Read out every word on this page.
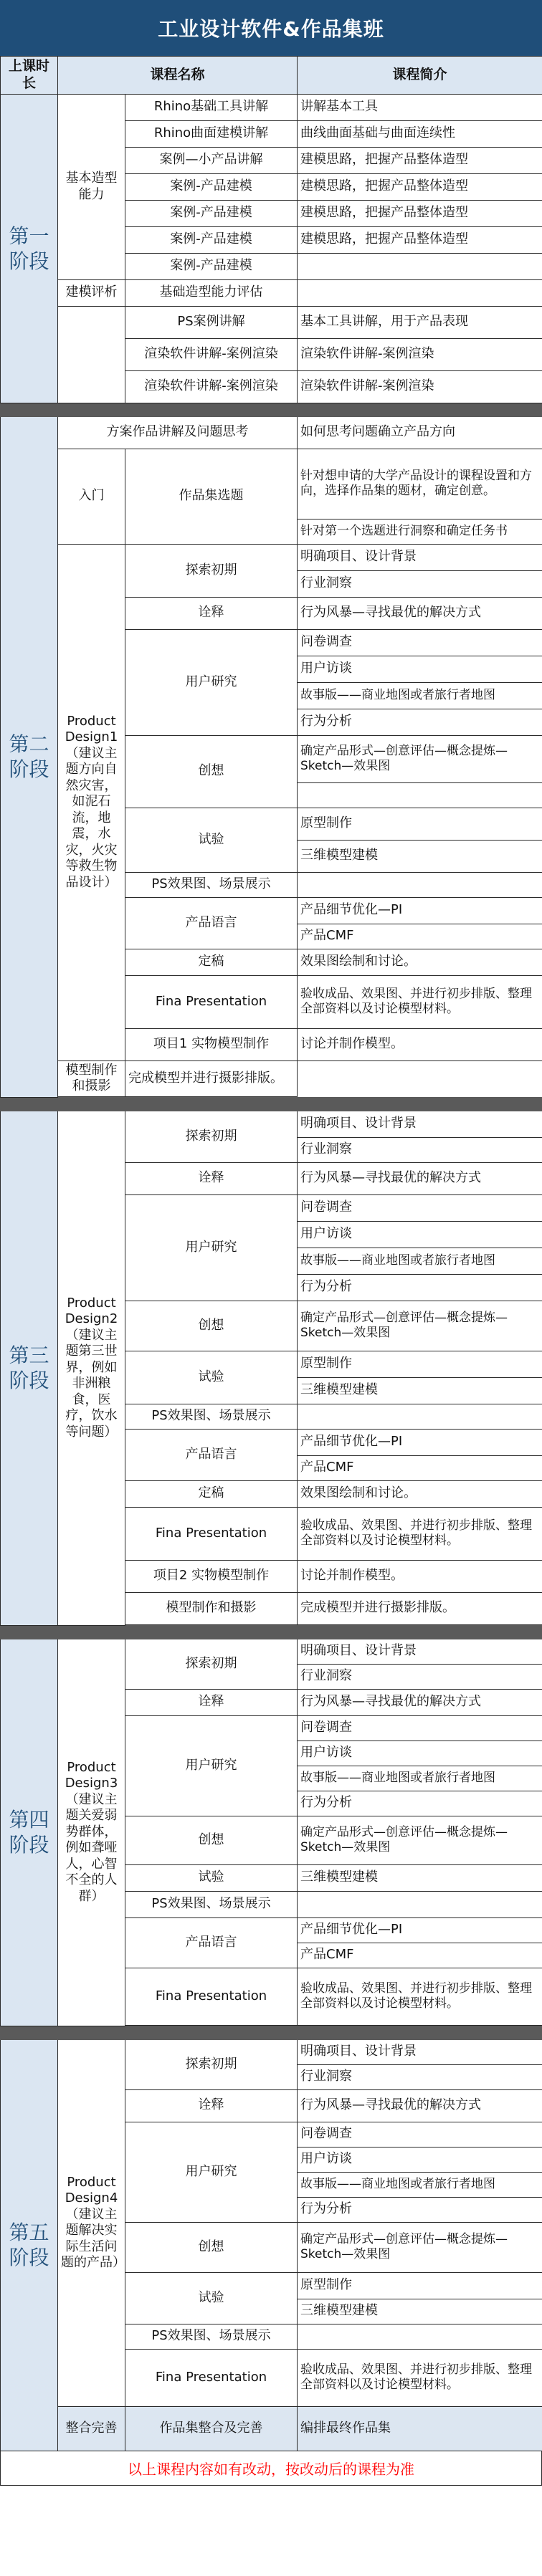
工业设计软件&作品集班
上课时长	课程名称		课程简介
第一阶段	基本造型能力	Rhino基础工具讲解	讲解基本工具
		Rhino曲面建模讲解	曲线曲面基础与曲面连续性
		案例—小产品讲解	建模思路，把握产品整体造型
		案例-产品建模	建模思路，把握产品整体造型
		案例-产品建模	建模思路，把握产品整体造型
		案例-产品建模	建模思路，把握产品整体造型
		案例-产品建模	
	建模评析	基础造型能力评估	
		PS案例讲解	基本工具讲解，用于产品表现
		渲染软件讲解-案例渲染	渲染软件讲解-案例渲染
		渲染软件讲解-案例渲染	渲染软件讲解-案例渲染

第二阶段	方案作品讲解及问题思考		如何思考问题确立产品方向
	入门	作品集选题	针对想申请的大学产品设计的课程设置和方向，选择作品集的题材，确定创意。
			针对第一个选题进行洞察和确定任务书
	Product Design1（建议主题方向自然灾害，如泥石流，地震，水灾，火灾等救生物品设计）	探索初期	明确项目、设计背景
			行业洞察
		诠释	行为风暴—寻找最优的解决方式
		用户研究	问卷调查
			用户访谈
			故事版——商业地图或者旅行者地图
			行为分析
		创想	确定产品形式—创意评估—概念提炼—Sketch—效果图

		试验	原型制作
			三维模型建模
		PS效果图、场景展示	
		产品语言	产品细节优化—PI
			产品CMF
		定稿	效果图绘制和讨论。
		Fina Presentation	验收成品、效果图、并进行初步排版、整理全部资料以及讨论模型材料。
		项目1 实物模型制作	讨论并制作模型。
	模型制作和摄影	完成模型并进行摄影排版。	

第三阶段	Product Design2（建议主题第三世界，例如非洲粮食，医疗，饮水等问题）	探索初期	明确项目、设计背景
			行业洞察
		诠释	行为风暴—寻找最优的解决方式
		用户研究	问卷调查
			用户访谈
			故事版——商业地图或者旅行者地图
			行为分析
		创想	确定产品形式—创意评估—概念提炼—Sketch—效果图
		试验	原型制作
			三维模型建模
		PS效果图、场景展示	
		产品语言	产品细节优化—PI
			产品CMF
		定稿	效果图绘制和讨论。
		Fina Presentation	验收成品、效果图、并进行初步排版、整理全部资料以及讨论模型材料。
		项目2 实物模型制作	讨论并制作模型。
		模型制作和摄影	完成模型并进行摄影排版。

第四阶段	Product Design3（建议主题关爱弱势群体，例如聋哑人，心智不全的人群）	探索初期	明确项目、设计背景
			行业洞察
		诠释	行为风暴—寻找最优的解决方式
		用户研究	问卷调查
			用户访谈
			故事版——商业地图或者旅行者地图
			行为分析
		创想	确定产品形式—创意评估—概念提炼—Sketch—效果图
		试验	三维模型建模
		PS效果图、场景展示	
		产品语言	产品细节优化—PI
			产品CMF
		Fina Presentation	验收成品、效果图、并进行初步排版、整理全部资料以及讨论模型材料。

第五阶段	Product Design4（建议主题解决实际生活问题的产品）	探索初期	明确项目、设计背景
			行业洞察
		诠释	行为风暴—寻找最优的解决方式
		用户研究	问卷调查
			用户访谈
			故事版——商业地图或者旅行者地图
			行为分析
		创想	确定产品形式—创意评估—概念提炼—Sketch—效果图
		试验	原型制作
			三维模型建模
		PS效果图、场景展示	
		Fina Presentation	验收成品、效果图、并进行初步排版、整理全部资料以及讨论模型材料。
	整合完善	作品集整合及完善	编排最终作品集
以上课程内容如有改动，按改动后的课程为准
